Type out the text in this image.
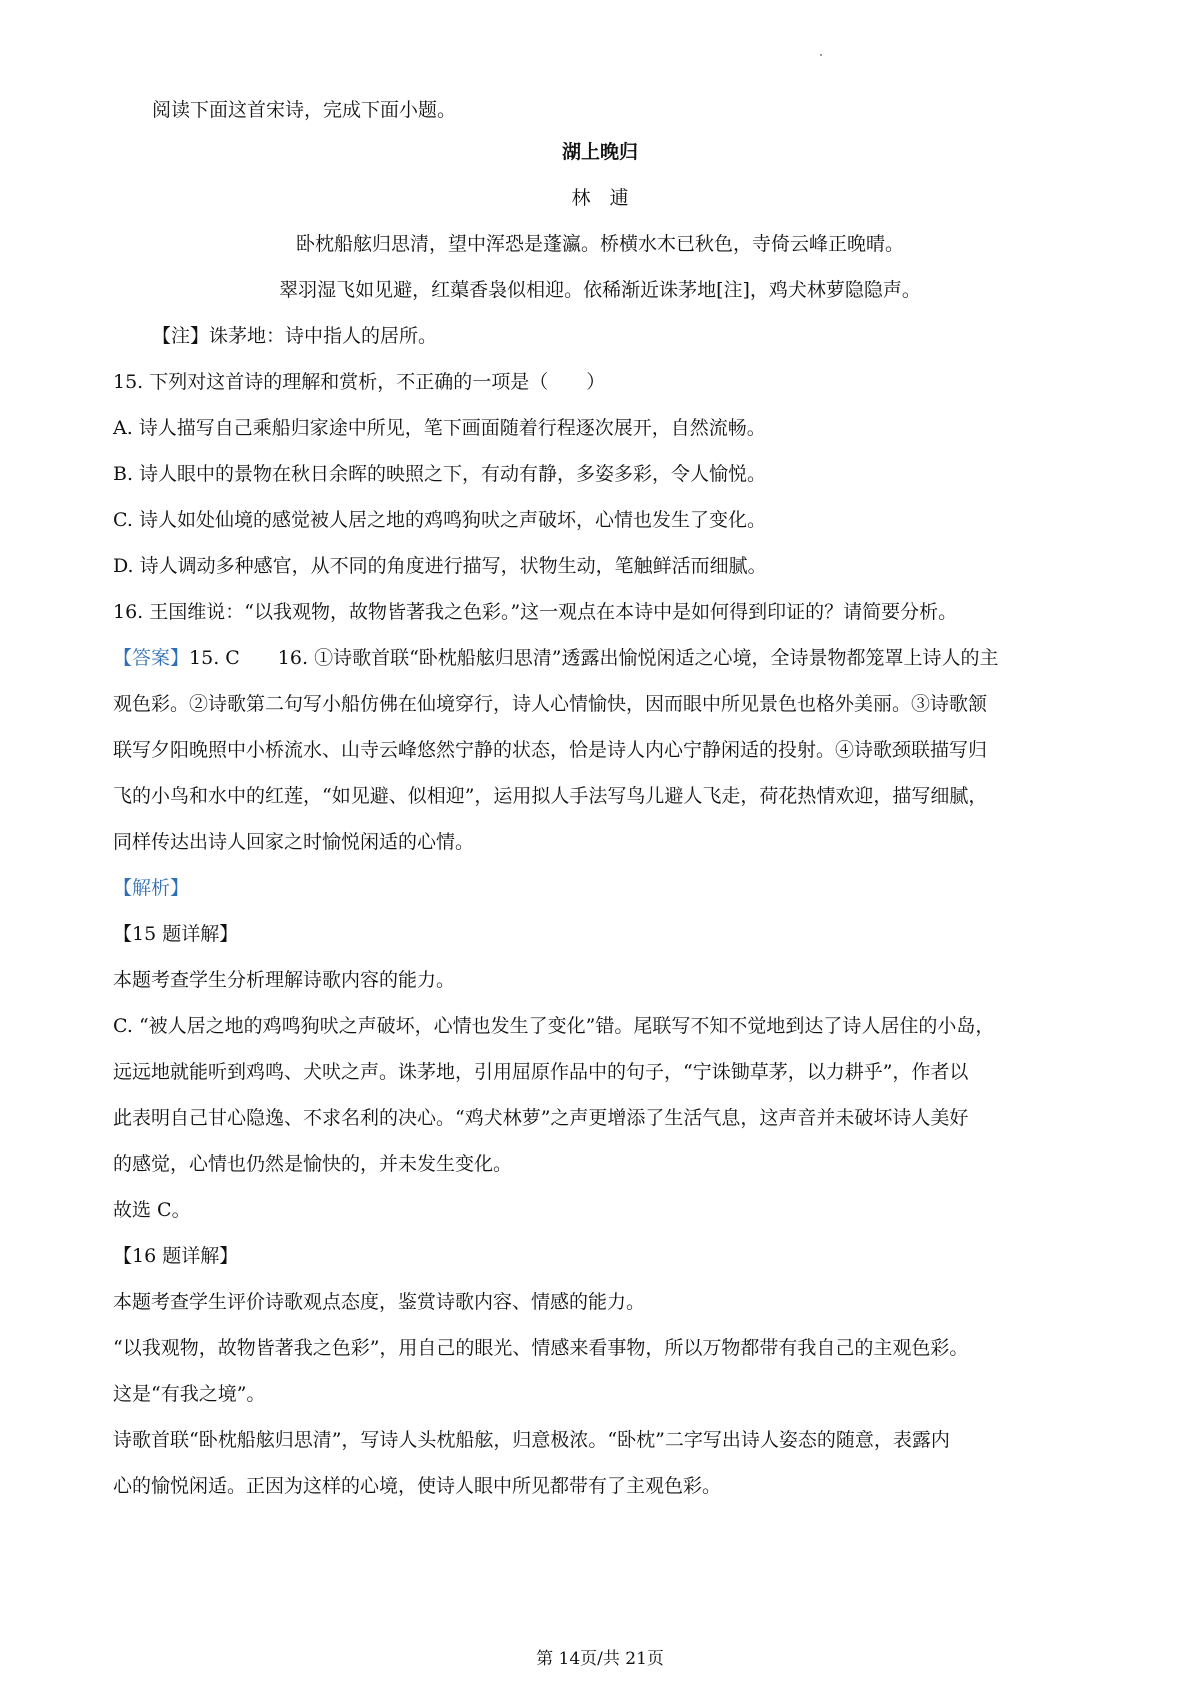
阅读下面这首宋诗，完成下面小题。
湖上晚归
林　逋
卧枕船舷归思清，望中浑恐是蓬瀛。桥横水木已秋色，寺倚云峰正晚晴。
翠羽湿飞如见避，红蕖香袅似相迎。依稀渐近诛茅地[注]，鸡犬林萝隐隐声。
【注】诛茅地：诗中指人的居所。
15. 下列对这首诗的理解和赏析，不正确的一项是（　　）
A. 诗人描写自己乘船归家途中所见，笔下画面随着行程逐次展开，自然流畅。
B. 诗人眼中的景物在秋日余晖的映照之下，有动有静，多姿多彩，令人愉悦。
C. 诗人如处仙境的感觉被人居之地的鸡鸣狗吠之声破坏，心情也发生了变化。
D. 诗人调动多种感官，从不同的角度进行描写，状物生动，笔触鲜活而细腻。
16. 王国维说：“以我观物，故物皆著我之色彩。”这一观点在本诗中是如何得到印证的？请简要分析。
【答案】15. C　　16. ①诗歌首联“卧枕船舷归思清”透露出愉悦闲适之心境，全诗景物都笼罩上诗人的主
观色彩。②诗歌第二句写小船仿佛在仙境穿行，诗人心情愉快，因而眼中所见景色也格外美丽。③诗歌颔
联写夕阳晚照中小桥流水、山寺云峰悠然宁静的状态，恰是诗人内心宁静闲适的投射。④诗歌颈联描写归
飞的小鸟和水中的红莲，“如见避、似相迎”，运用拟人手法写鸟儿避人飞走，荷花热情欢迎，描写细腻，
同样传达出诗人回家之时愉悦闲适的心情。
【解析】
【15 题详解】
本题考查学生分析理解诗歌内容的能力。
C. “被人居之地的鸡鸣狗吠之声破坏，心情也发生了变化”错。尾联写不知不觉地到达了诗人居住的小岛，
远远地就能听到鸡鸣、犬吠之声。诛茅地，引用屈原作品中的句子，“宁诛锄草茅，以力耕乎”，作者以
此表明自己甘心隐逸、不求名利的决心。“鸡犬林萝”之声更增添了生活气息，这声音并未破坏诗人美好
的感觉，心情也仍然是愉快的，并未发生变化。
故选 C。
【16 题详解】
本题考查学生评价诗歌观点态度，鉴赏诗歌内容、情感的能力。
“以我观物，故物皆著我之色彩”，用自己的眼光、情感来看事物，所以万物都带有我自己的主观色彩。
这是“有我之境”。
诗歌首联“卧枕船舷归思清”，写诗人头枕船舷，归意极浓。“卧枕”二字写出诗人姿态的随意，表露内
心的愉悦闲适。正因为这样的心境，使诗人眼中所见都带有了主观色彩。
第 14页/共 21页
